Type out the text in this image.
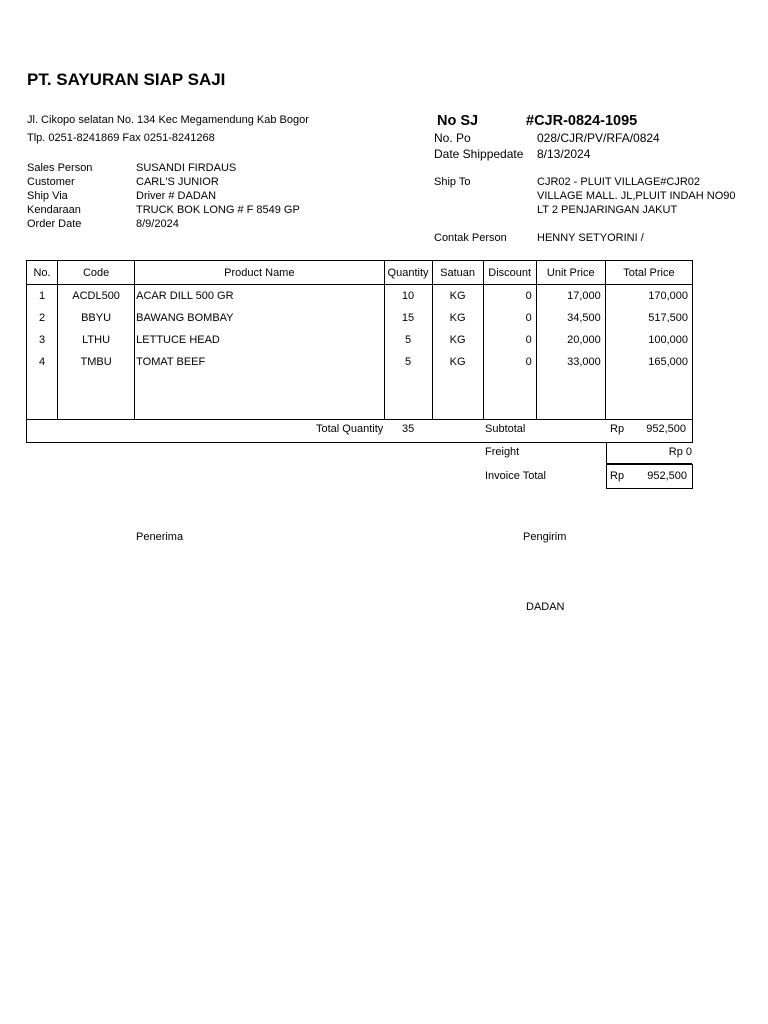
PT. SAYURAN SIAP SAJI
Jl. Cikopo selatan No. 134 Kec Megamendung Kab Bogor
Tlp. 0251-8241869 Fax 0251-8241268
No SJ	#CJR-0824-1095
No. Po	028/CJR/PV/RFA/0824
Date Shippedate 8/13/2024
Sales Person	SUSANDI FIRDAUS
Customer	CARL'S JUNIOR
Ship Via	Driver # DADAN
Kendaraan	TRUCK BOK LONG # F 8549 GP
Order Date	8/9/2024
Ship To	CJR02 - PLUIT VILLAGE#CJR02
VILLAGE MALL. JL,PLUIT INDAH NO90
LT 2 PENJARINGAN JAKUT
Contak Person	HENNY SETYORINI /
No.	Code	Product Name	Quantity	Satuan	Discount	Unit Price	Total Price
1	ACDL500	ACAR DILL 500 GR	10	KG	0	17,000	170,000
2	BBYU	BAWANG BOMBAY	15	KG	0	34,500	517,500
3	LTHU	LETTUCE HEAD	5	KG	0	20,000	100,000
4	TMBU	TOMAT BEEF	5	KG	0	33,000	165,000

Total Quantity 35	Subtotal	Rp 952,500
Freight	Rp 0
Invoice Total	Rp 952,500
Penerima	Pengirim
DADAN
